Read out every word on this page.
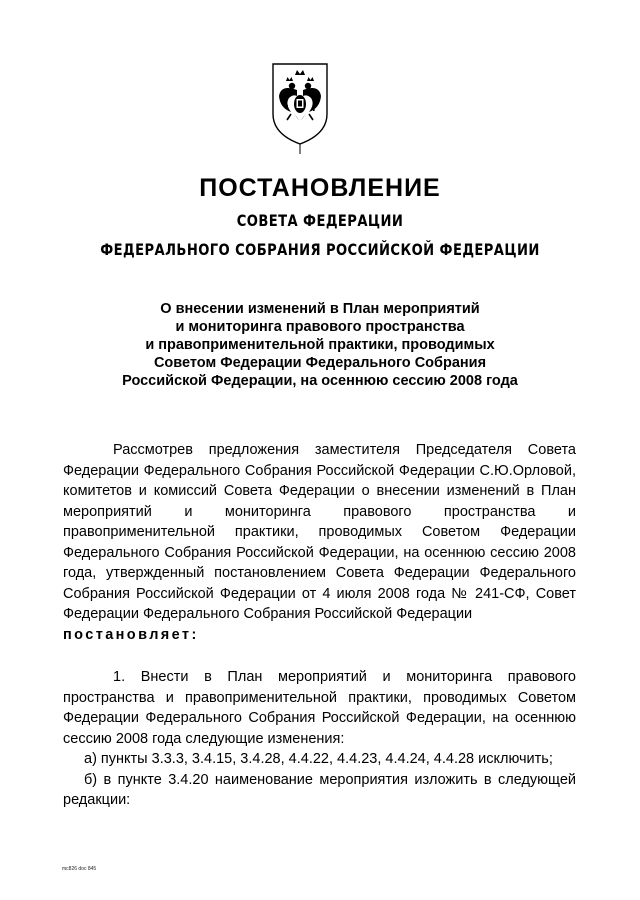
ПОСТАНОВЛЕНИЕ
СОВЕТА ФЕДЕРАЦИИ
ФЕДЕРАЛЬНОГО СОБРАНИЯ РОССИЙСКОЙ ФЕДЕРАЦИИ
О внесении изменений в План мероприятий
и мониторинга правового пространства
и правоприменительной практики, проводимых
Советом Федерации Федерального Собрания
Российской Федерации, на осеннюю сессию 2008 года

Рассмотрев предложения заместителя Председателя Совета Федерации Федерального Собрания Российской Федерации С.Ю.Орловой, комитетов и комиссий Совета Федерации о внесении изменений в План мероприятий и мониторинга правового пространства и правоприменительной практики, проводимых Советом Федерации Федерального Собрания Российской Федерации, на осеннюю сессию 2008 года, утвержденный постановлением Совета Федерации Федерального Собрания Российской Федерации от 4 июля 2008 года № 241-СФ, Совет Федерации Федерального Собрания Российской Федерации
постановляет:

1. Внести в План мероприятий и мониторинга правового пространства и правоприменительной практики, проводимых Советом Федерации Федерального Собрания Российской Федерации, на осеннюю сессию 2008 года следующие изменения:

а) пункты 3.3.3, 3.4.15, 3.4.28, 4.4.22, 4.4.23, 4.4.24, 4.4.28 исключить;

б) в пункте 3.4.20 наименование мероприятия изложить в следующей редакции:

mc826 doc 845
